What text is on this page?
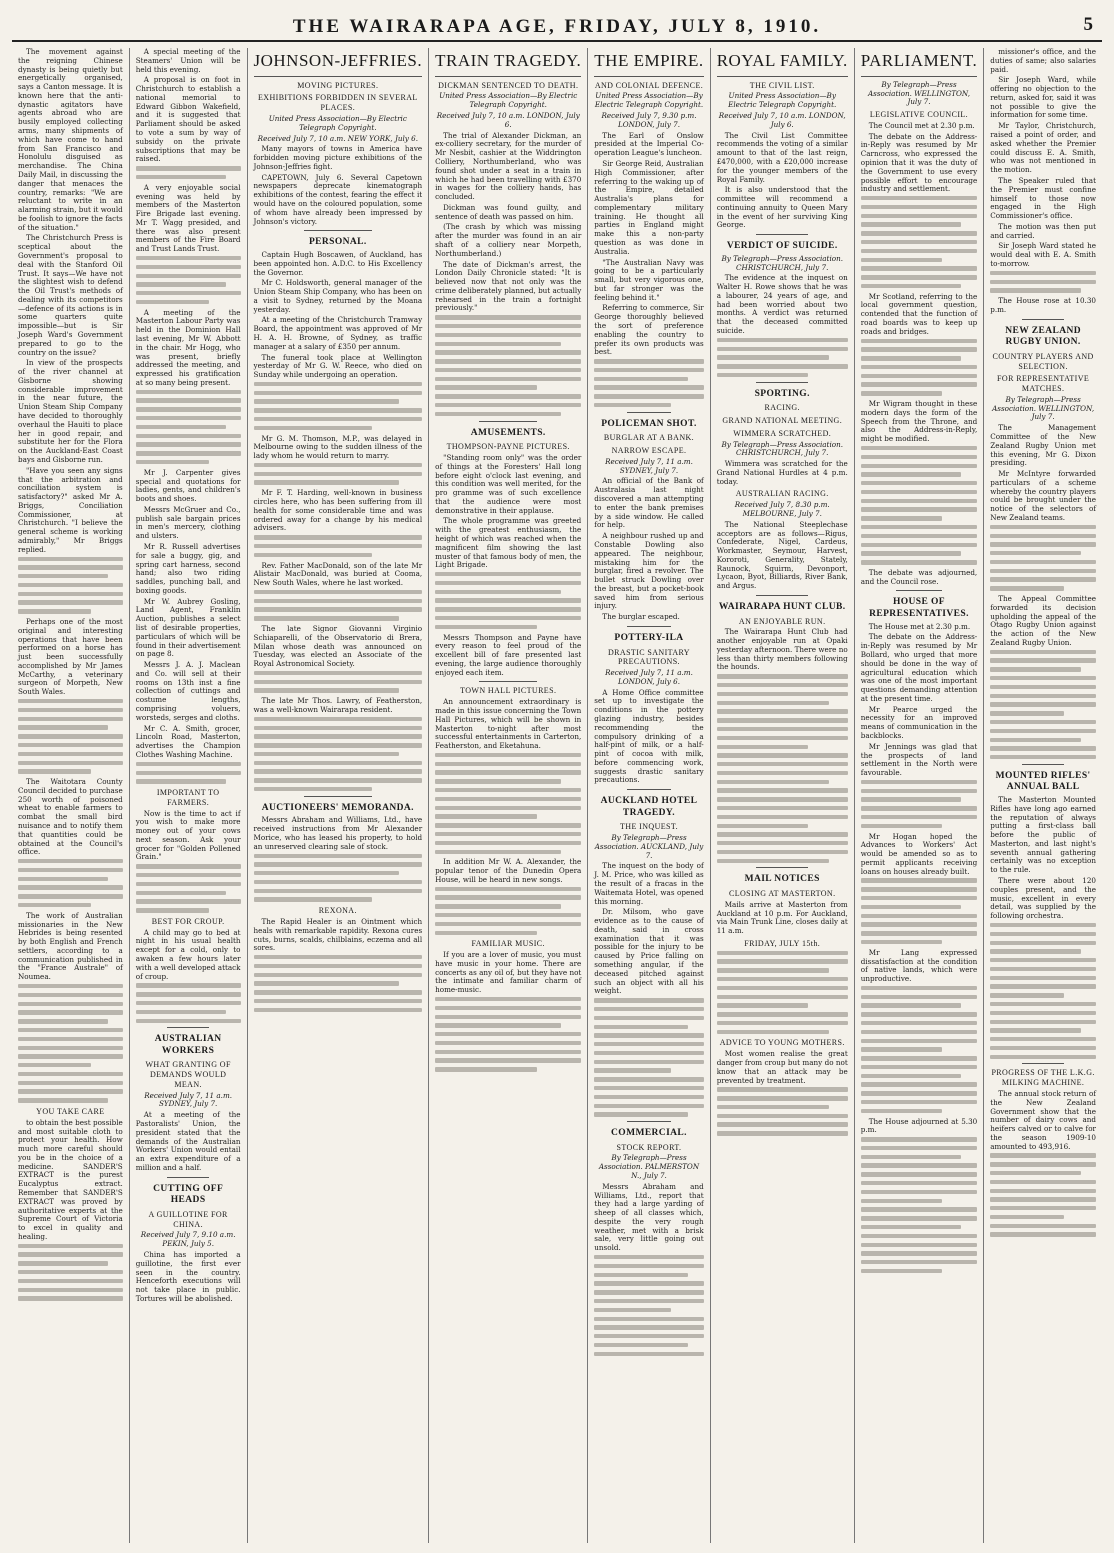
THE WAIRARAPA AGE, FRIDAY, JULY 8, 1910.	5

The movement against the reigning Chinese dynasty is being quietly but energetically organised, says a Canton message. It is known here that the anti-dynastic agitators have agents abroad who are busily employed collecting arms, many shipments of which have come to hand from San Francisco and Honolulu disguised as merchandise. The China Daily Mail, in discussing the danger that menaces the country, remarks: "We are reluctant to write in an alarming strain, but it would be foolish to ignore the facts of the situation."

The Christchurch Press is sceptical about the Government's proposal to deal with the Stanford Oil Trust. It says—We have not the slightest wish to defend the Oil Trust's methods of dealing with its competitors—defence of its actions is in some quarters quite impossible—but is Sir Joseph Ward's Government prepared to go to the country on the issue?

In view of the prospects of the river channel at Gisborne showing considerable improvement in the near future, the Union Steam Ship Company have decided to thoroughly overhaul the Hauiti to place her in good repair, and substitute her for the Flora on the Auckland-East Coast bays and Gisborne run.

"Have you seen any signs that the arbitration and conciliation system is satisfactory?" asked Mr A. Briggs, Conciliation Commissioner, at Christchurch. "I believe the general scheme is working admirably," Mr Briggs replied.

Perhaps one of the most original and interesting operations that have been performed on a horse has just been successfully accomplished by Mr James McCarthy, a veterinary surgeon of Morpeth, New South Wales.

The Waitotara County Council decided to purchase 250 worth of poisoned wheat to enable farmers to combat the small bird nuisance and to notify them that quantities could be obtained at the Council's office.

The work of Australian missionaries in the New Hebrides is being resented by both English and French settlers, according to a communication published in the "France Australe" of Noumea.

YOU TAKE CARE

to obtain the best possible and most suitable cloth to protect your health. How much more careful should you be in the choice of a medicine. SANDER'S EXTRACT is the purest Eucalyptus extract. Remember that SANDER'S EXTRACT was proved by authoritative experts at the Supreme Court of Victoria to excel in quality and healing.

A special meeting of the Steamers' Union will be held this evening.

A proposal is on foot in Christchurch to establish a national memorial to Edward Gibbon Wakefield, and it is suggested that Parliament should be asked to vote a sum by way of subsidy on the private subscriptions that may be raised.

A very enjoyable social evening was held by members of the Masterton Fire Brigade last evening. Mr T. Wagg presided, and there was also present members of the Fire Board and Trust Lands Trust.

A meeting of the Masterton Labour Party was held in the Dominion Hall last evening, Mr W. Abbott in the chair. Mr Hogg, who was present, briefly addressed the meeting, and expressed his gratification at so many being present.

Mr J. Carpenter gives special and quotations for ladies, gents, and children's boots and shoes.

Messrs McGruer and Co., publish sale bargain prices in men's mercery, clothing and ulsters.

Mr R. Russell advertises for sale a buggy, gig, and spring cart harness, second hand; also two riding saddles, punching ball, and boxing goods.

Mr W. Aubrey Gosling, Land Agent, Franklin Auction, publishes a select list of desirable properties, particulars of which will be found in their advertisement on page 8.

Messrs J. A. J. Maclean and Co. will sell at their rooms on 13th inst a fine collection of cuttings and costume lengths, comprising voluers, worsteds, serges and cloths.

Mr C. A. Smith, grocer, Lincoln Road, Masterton, advertises the Champion Clothes Washing Machine.

IMPORTANT TO FARMERS.

Now is the time to act if you wish to make more money out of your cows next season. Ask your grocer for "Golden Pollened Grain."

BEST FOR CROUP.

A child may go to bed at night in his usual health except for a cold, only to awaken a few hours later with a well developed attack of croup.

AUSTRALIAN WORKERS
WHAT GRANTING OF DEMANDS WOULD MEAN.
Received July 7, 11 a.m. SYDNEY, July 7.

At a meeting of the Pastoralists' Union, the president stated that the demands of the Australian Workers' Union would entail an extra expenditure of a million and a half.

CUTTING OFF HEADS
A GUILLOTINE FOR CHINA.
Received July 7, 9.10 a.m. PEKIN, July 5.

China has imported a guillotine, the first ever seen in the country. Henceforth executions will not take place in public. Tortures will be abolished.

JOHNSON-JEFFRIES.
MOVING PICTURES.
EXHIBITIONS FORBIDDEN IN SEVERAL PLACES.
United Press Association—By Electric Telegraph Copyright.
Received July 7, 10 a.m. NEW YORK, July 6.

Many mayors of towns in America have forbidden moving picture exhibitions of the Johnson-Jeffries fight.

CAPETOWN, July 6. Several Capetown newspapers deprecate kinematograph exhibitions of the contest, fearing the effect it would have on the coloured population, some of whom have already been impressed by Johnson's victory.

PERSONAL.

Captain Hugh Boscawen, of Auckland, has been appointed hon. A.D.C. to His Excellency the Governor.

Mr C. Holdsworth, general manager of the Union Steam Ship Company, who has been on a visit to Sydney, returned by the Moana yesterday.

At a meeting of the Christchurch Tramway Board, the appointment was approved of Mr H. A. H. Browne, of Sydney, as traffic manager at a salary of £350 per annum.

The funeral took place at Wellington yesterday of Mr G. W. Reece, who died on Sunday while undergoing an operation.

Mr G. M. Thomson, M.P., was delayed in Melbourne owing to the sudden illness of the lady whom he would return to marry.

Mr F. T. Harding, well-known in business circles here, who has been suffering from ill health for some considerable time and was ordered away for a change by his medical advisers.

Rev. Father MacDonald, son of the late Mr Alistair MacDonald, was buried at Cooma, New South Wales, where he last worked.

The late Signor Giovanni Virginio Schiaparelli, of the Observatorio di Brera, Milan whose death was announced on Tuesday, was elected an Associate of the Royal Astronomical Society.

The late Mr Thos. Lawry, of Featherston, was a well-known Wairarapa resident.

AUCTIONEERS' MEMORANDA.

Messrs Abraham and Williams, Ltd., have received instructions from Mr Alexander Morice, who has leased his property, to hold an unreserved clearing sale of stock.

REXONA.

The Rapid Healer is an Ointment which heals with remarkable rapidity. Rexona cures cuts, burns, scalds, chilblains, eczema and all sores.

TRAIN TRAGEDY.
DICKMAN SENTENCED TO DEATH.
United Press Association—By Electric Telegraph Copyright.
Received July 7, 10 a.m. LONDON, July 6.

The trial of Alexander Dickman, an ex-colliery secretary, for the murder of Mr Nesbit, cashier at the Widdrington Colliery, Northumberland, who was found shot under a seat in a train in which he had been travelling with £370 in wages for the colliery hands, has concluded.

Dickman was found guilty, and sentence of death was passed on him.

(The crash by which was missing after the murder was found in an air shaft of a colliery near Morpeth, Northumberland.)

The date of Dickman's arrest, the London Daily Chronicle stated: "It is believed now that not only was the crime deliberately planned, but actually rehearsed in the train a fortnight previously."

AMUSEMENTS.
THOMPSON-PAYNE PICTURES.

"Standing room only" was the order of things at the Foresters' Hall long before eight o'clock last evening, and this condition was well merited, for the pro gramme was of such excellence that the audience were most demonstrative in their applause.

The whole programme was greeted with the greatest enthusiasm, the height of which was reached when the magnificent film showing the last muster of that famous body of men, the Light Brigade.

Messrs Thompson and Payne have every reason to feel proud of the excellent bill of fare presented last evening, the large audience thoroughly enjoyed each item.

TOWN HALL PICTURES.

An announcement extraordinary is made in this issue concerning the Town Hall Pictures, which will be shown in Masterton to-night after most successful entertainments in Carterton, Featherston, and Eketahuna.

In addition Mr W. A. Alexander, the popular tenor of the Dunedin Opera House, will be heard in new songs.

FAMILIAR MUSIC.

If you are a lover of music, you must have music in your home. There are concerts as any oil of, but they have not the intimate and familiar charm of home-music.

THE EMPIRE.
AND COLONIAL DEFENCE.
United Press Association—By Electric Telegraph Copyright.
Received July 7, 9.30 p.m. LONDON, July 7.

The Earl of Onslow presided at the Imperial Co-operation League's luncheon.

Sir George Reid, Australian High Commissioner, after referring to the waking up of the Empire, detailed Australia's plans for complementary military training. He thought all parties in England might make this a non-party question as was done in Australia.

"The Australian Navy was going to be a particularly small, but very vigorous one, but far stronger was the feeling behind it."

Referring to commerce, Sir George thoroughly believed the sort of preference enabling the country to prefer its own products was best.

POLICEMAN SHOT.
BURGLAR AT A BANK.
NARROW ESCAPE.
Received July 7, 11 a.m. SYDNEY, July 7.

An official of the Bank of Australasia last night discovered a man attempting to enter the bank premises by a side window. He called for help.

A neighbour rushed up and Constable Dowling also appeared. The neighbour, mistaking him for the burglar, fired a revolver. The bullet struck Dowling over the breast, but a pocket-book saved him from serious injury.

The burglar escaped.

POTTERY-ILA
DRASTIC SANITARY PRECAUTIONS.
Received July 7, 11 a.m. LONDON, July 6.

A Home Office committee set up to investigate the conditions in the pottery glazing industry, besides recommending the compulsory drinking of a half-pint of milk, or a half-pint of cocoa with milk, before commencing work, suggests drastic sanitary precautions.

AUCKLAND HOTEL TRAGEDY.
THE INQUEST.
By Telegraph—Press Association. AUCKLAND, July 7.

The inquest on the body of J. M. Price, who was killed as the result of a fracas in the Waitemata Hotel, was opened this morning.

Dr. Milsom, who gave evidence as to the cause of death, said in cross examination that it was possible for the injury to be caused by Price falling on something angular, if the deceased pitched against such an object with all his weight.

COMMERCIAL.
STOCK REPORT.
By Telegraph—Press Association. PALMERSTON N., July 7.

Messrs Abraham and Williams, Ltd., report that they had a large yarding of sheep of all classes which, despite the very rough weather, met with a brisk sale, very little going out unsold.

ROYAL FAMILY.
THE CIVIL LIST.
United Press Association—By Electric Telegraph Copyright.
Received July 7, 10 a.m. LONDON, July 6.

The Civil List Committee recommends the voting of a similar amount to that of the last reign, £470,000, with a £20,000 increase for the younger members of the Royal Family.

It is also understood that the committee will recommend a continuing annuity to Queen Mary in the event of her surviving King George.

VERDICT OF SUICIDE.
By Telegraph—Press Association. CHRISTCHURCH, July 7.

The evidence at the inquest on Walter H. Rowe shows that he was a labourer, 24 years of age, and had been worried about two months. A verdict was returned that the deceased committed suicide.

SPORTING.
RACING.
GRAND NATIONAL MEETING.
WIMMERA SCRATCHED.
By Telegraph—Press Association. CHRISTCHURCH, July 7.

Wimmera was scratched for the Grand National Hurdles at 4 p.m. today.

AUSTRALIAN RACING.
Received July 7, 8.30 p.m. MELBOURNE, July 7.

The National Steeplechase acceptors are as follows—Rigus, Confederate, Nigel, Cardeus, Workmaster, Seymour, Harvest, Kororoti, Generality, Stately, Raunock, Squirm, Devonport, Lycaon, Byot, Billiards, River Bank, and Argus.

WAIRARAPA HUNT CLUB.
AN ENJOYABLE RUN.

The Wairarapa Hunt Club had another enjoyable run at Opaki yesterday afternoon. There were no less than thirty members following the hounds.

MAIL NOTICES
CLOSING AT MASTERTON.

Mails arrive at Masterton from Auckland at 10 p.m. For Auckland, via Main Trunk Line, closes daily at 11 a.m.

FRIDAY, JULY 15th.
ADVICE TO YOUNG MOTHERS.

Most women realise the great danger from croup but many do not know that an attack may be prevented by treatment.

PARLIAMENT.
By Telegraph—Press Association. WELLINGTON, July 7.
LEGISLATIVE COUNCIL.

The Council met at 2.30 p.m.

The debate on the Address-in-Reply was resumed by Mr Carncross, who expressed the opinion that it was the duty of the Government to use every possible effort to encourage industry and settlement.

Mr Scotland, referring to the local government question, contended that the function of road boards was to keep up roads and bridges.

Mr Wigram thought in these modern days the form of the Speech from the Throne, and also the Address-in-Reply, might be modified.

The debate was adjourned, and the Council rose.

HOUSE OF REPRESENTATIVES.

The House met at 2.30 p.m.

The debate on the Address-in-Reply was resumed by Mr Bollard, who urged that more should be done in the way of agricultural education which was one of the most important questions demanding attention at the present time.

Mr Pearce urged the necessity for an improved means of communication in the backblocks.

Mr Jennings was glad that the prospects of land settlement in the North were favourable.

Mr Hogan hoped the Advances to Workers' Act would be amended so as to permit applicants receiving loans on houses already built.

Mr Lang expressed dissatisfaction at the condition of native lands, which were unproductive.

The House adjourned at 5.30 p.m.

missioner's office, and the duties of same; also salaries paid.

Sir Joseph Ward, while offering no objection to the return, asked for, said it was not possible to give the information for some time.

Mr Taylor, Christchurch, raised a point of order, and asked whether the Premier could discuss E. A. Smith, who was not mentioned in the motion.

The Speaker ruled that the Premier must confine himself to those now engaged in the High Commissioner's office.

The motion was then put and carried.

Sir Joseph Ward stated he would deal with E. A. Smith to-morrow.

The House rose at 10.30 p.m.

NEW ZEALAND RUGBY UNION.
COUNTRY PLAYERS AND SELECTION.
FOR REPRESENTATIVE MATCHES.
By Telegraph—Press Association. WELLINGTON, July 7.

The Management Committee of the New Zealand Rugby Union met this evening, Mr G. Dixon presiding.

Mr McIntyre forwarded particulars of a scheme whereby the country players could be brought under the notice of the selectors of New Zealand teams.

The Appeal Committee forwarded its decision upholding the appeal of the Otago Rugby Union against the action of the New Zealand Rugby Union.

MOUNTED RIFLES' ANNUAL BALL

The Masterton Mounted Rifles have long ago earned the reputation of always putting a first-class ball before the public of Masterton, and last night's seventh annual gathering certainly was no exception to the rule.

There were about 120 couples present, and the music, excellent in every detail, was supplied by the following orchestra.

PROGRESS OF THE L.K.G. MILKING MACHINE.

The annual stock return of the New Zealand Government show that the number of dairy cows and heifers calved or to calve for the season 1909-10 amounted to 493,916.
